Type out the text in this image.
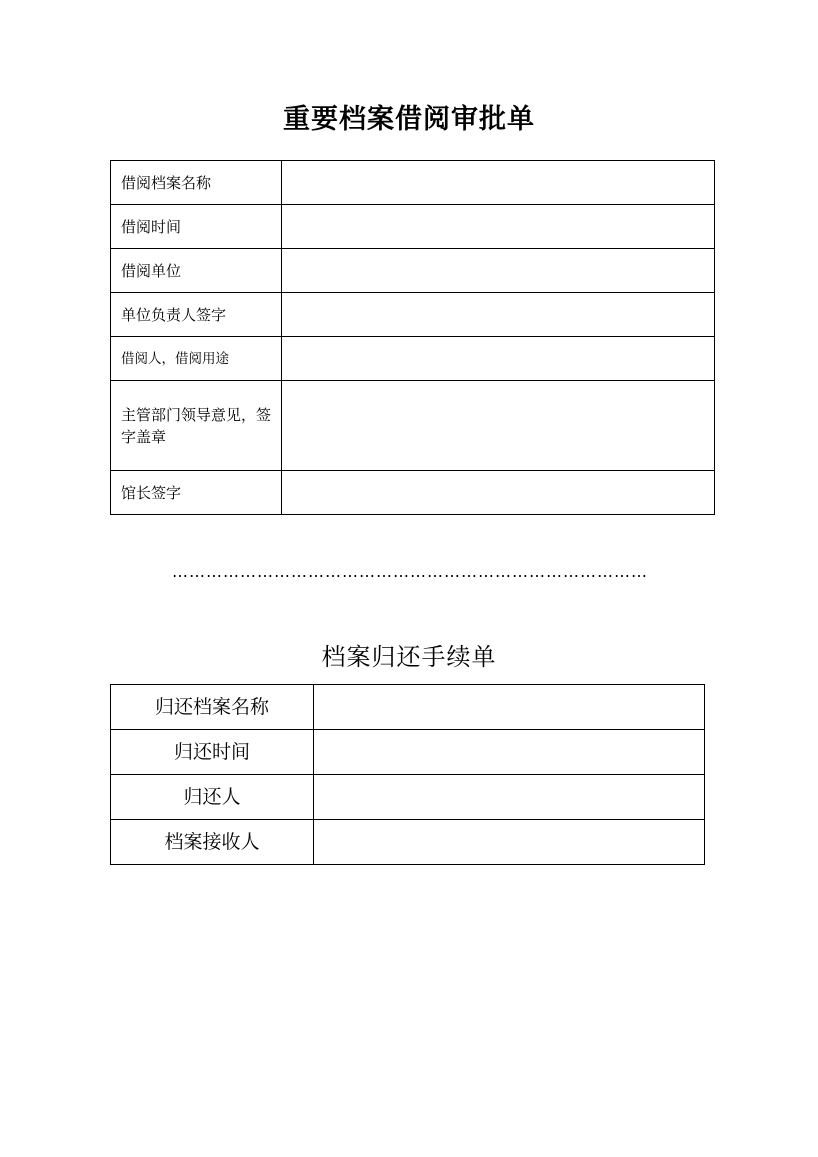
重要档案借阅审批单
借阅档案名称	
借阅时间	
借阅单位	
单位负责人签字	
借阅人，借阅用途	
主管部门领导意见，签字盖章	
馆长签字	
…………………………………………………………………………
档案归还手续单
归还档案名称	
归还时间	
归还人	
档案接收人	
